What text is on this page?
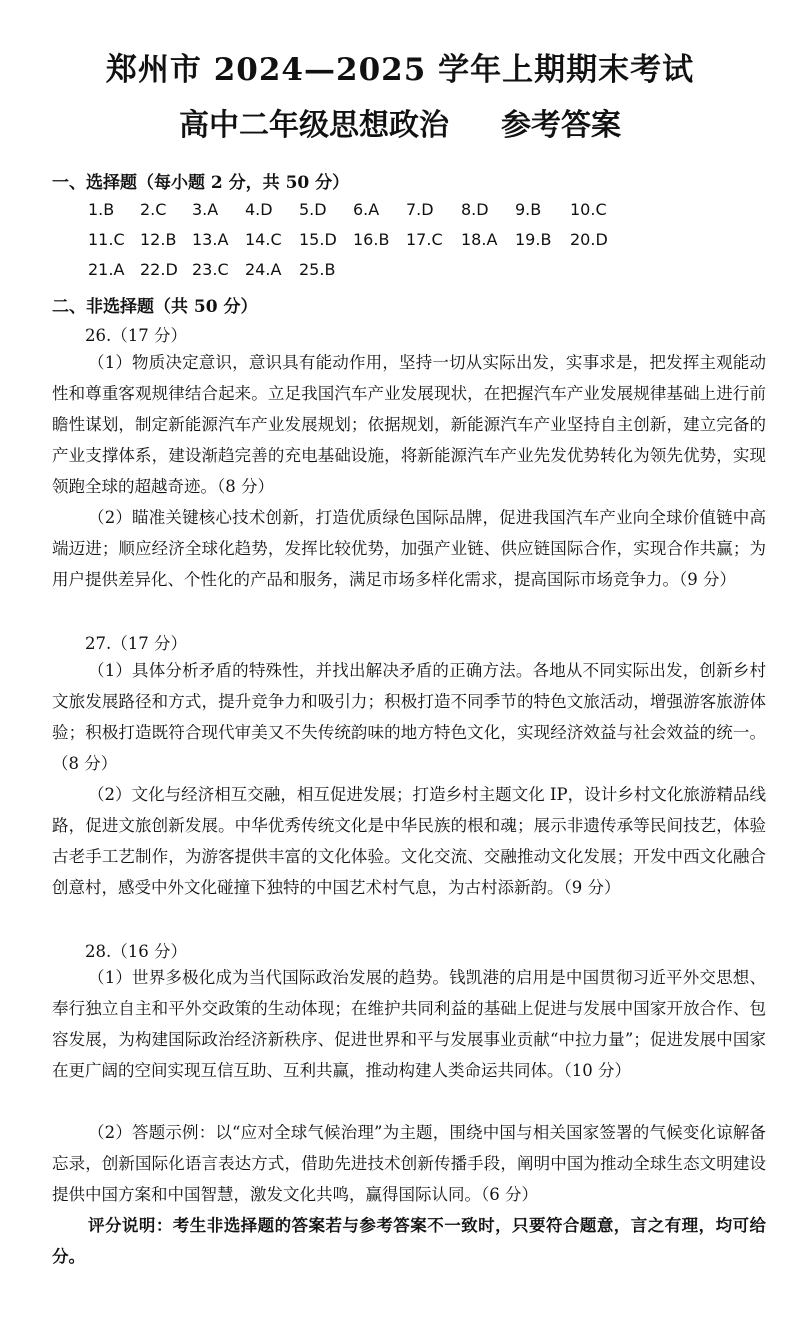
郑州市 2024—2025 学年上期期末考试
高中二年级思想政治 参考答案
一、选择题（每小题 2 分，共 50 分）
1.B 2.C 3.A 4.D 5.D 6.A 7.D 8.D 9.B 10.C
11.C 12.B 13.A 14.C 15.D 16.B 17.C 18.A 19.B 20.D
21.A 22.D 23.C 24.A 25.B
二、非选择题（共 50 分）
26.（17 分）

（1）物质决定意识，意识具有能动作用，坚持一切从实际出发，实事求是，把发挥主观能动性和尊重客观规律结合起来。立足我国汽车产业发展现状，在把握汽车产业发展规律基础上进行前瞻性谋划，制定新能源汽车产业发展规划；依据规划，新能源汽车产业坚持自主创新，建立完备的产业支撑体系，建设渐趋完善的充电基础设施，将新能源汽车产业先发优势转化为领先优势，实现领跑全球的超越奇迹。（8 分）

（2）瞄准关键核心技术创新，打造优质绿色国际品牌，促进我国汽车产业向全球价值链中高端迈进；顺应经济全球化趋势，发挥比较优势，加强产业链、供应链国际合作，实现合作共赢；为用户提供差异化、个性化的产品和服务，满足市场多样化需求，提高国际市场竞争力。（9 分）

27.（17 分）

（1）具体分析矛盾的特殊性，并找出解决矛盾的正确方法。各地从不同实际出发，创新乡村文旅发展路径和方式，提升竞争力和吸引力；积极打造不同季节的特色文旅活动，增强游客旅游体验；积极打造既符合现代审美又不失传统韵味的地方特色文化，实现经济效益与社会效益的统一。（8 分）

（2）文化与经济相互交融，相互促进发展；打造乡村主题文化 IP，设计乡村文化旅游精品线路，促进文旅创新发展。中华优秀传统文化是中华民族的根和魂；展示非遗传承等民间技艺，体验古老手工艺制作，为游客提供丰富的文化体验。文化交流、交融推动文化发展；开发中西文化融合创意村，感受中外文化碰撞下独特的中国艺术村气息，为古村添新韵。（9 分）

28.（16 分）

（1）世界多极化成为当代国际政治发展的趋势。钱凯港的启用是中国贯彻习近平外交思想、奉行独立自主和平外交政策的生动体现；在维护共同利益的基础上促进与发展中国家开放合作、包容发展，为构建国际政治经济新秩序、促进世界和平与发展事业贡献“中拉力量”；促进发展中国家在更广阔的空间实现互信互助、互利共赢，推动构建人类命运共同体。（10 分）

（2）答题示例：以“应对全球气候治理”为主题，围绕中国与相关国家签署的气候变化谅解备忘录，创新国际化语言表达方式，借助先进技术创新传播手段，阐明中国为推动全球生态文明建设提供中国方案和中国智慧，激发文化共鸣，赢得国际认同。（6 分）

评分说明：考生非选择题的答案若与参考答案不一致时，只要符合题意，言之有理，均可给分。
